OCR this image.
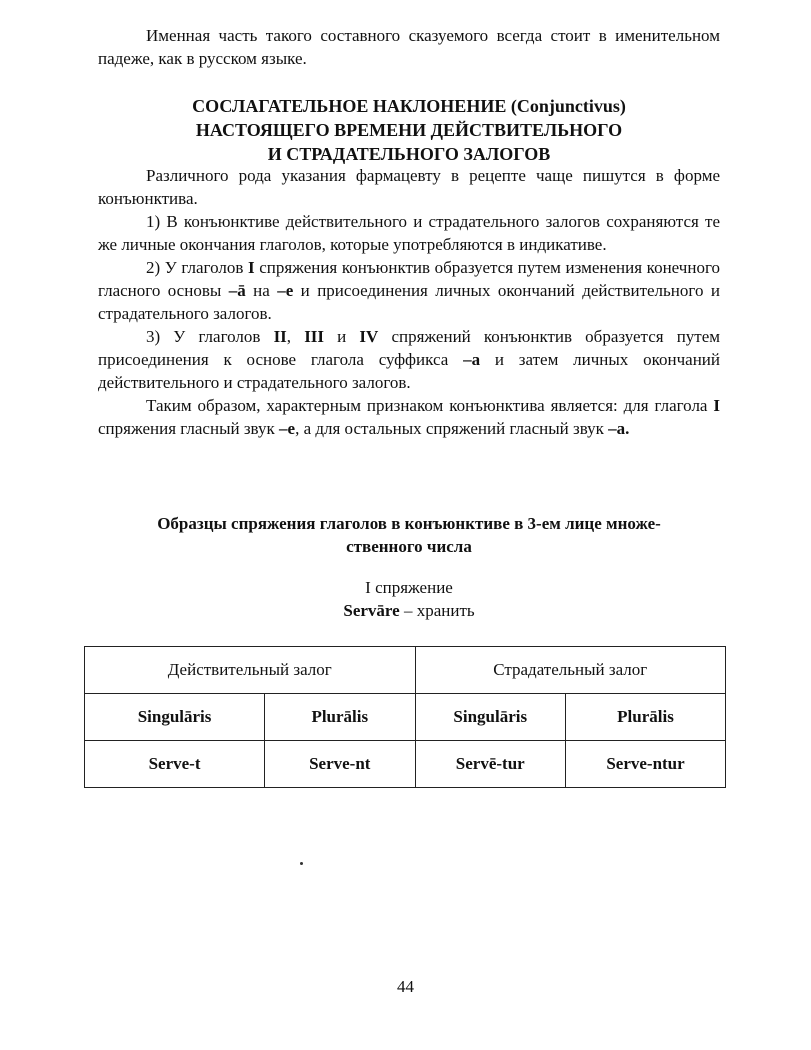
Именная часть такого составного сказуемого всегда стоит в именительном падеже, как в русском языке.

СОСЛАГАТЕЛЬНОЕ НАКЛОНЕНИЕ (Conjunctivus)
НАСТОЯЩЕГО ВРЕМЕНИ ДЕЙСТВИТЕЛЬНОГО
И СТРАДАТЕЛЬНОГО ЗАЛОГОВ

Различного рода указания фармацевту в рецепте чаще пишутся в форме конъюнктива.

1) В конъюнктиве действительного и страдательного залогов сохраняются те же личные окончания глаголов, которые употребляются в индикативе.

2) У глаголов I спряжения конъюнктив образуется путем изменения конечного гласного основы –ā на –e и присоединения личных окончаний действительного и страдательного залогов.

3) У глаголов II, III и IV спряжений конъюнктив образуется путем присоединения к основе глагола суффикса –a и затем личных окончаний действительного и страдательного залогов.

Таким образом, характерным признаком конъюнктива является: для глагола I спряжения гласный звук –e, а для остальных спряжений гласный звук –a.

Образцы спряжения глаголов в конъюнктиве в 3-ем лице множе-
ственного числа
I спряжение
Servāre – хранить
Действительный залог		Страдательный залог	
Singulāris	Plurālis	Singulāris	Plurālis
Serve-t	Serve-nt	Servē-tur	Serve-ntur
44
